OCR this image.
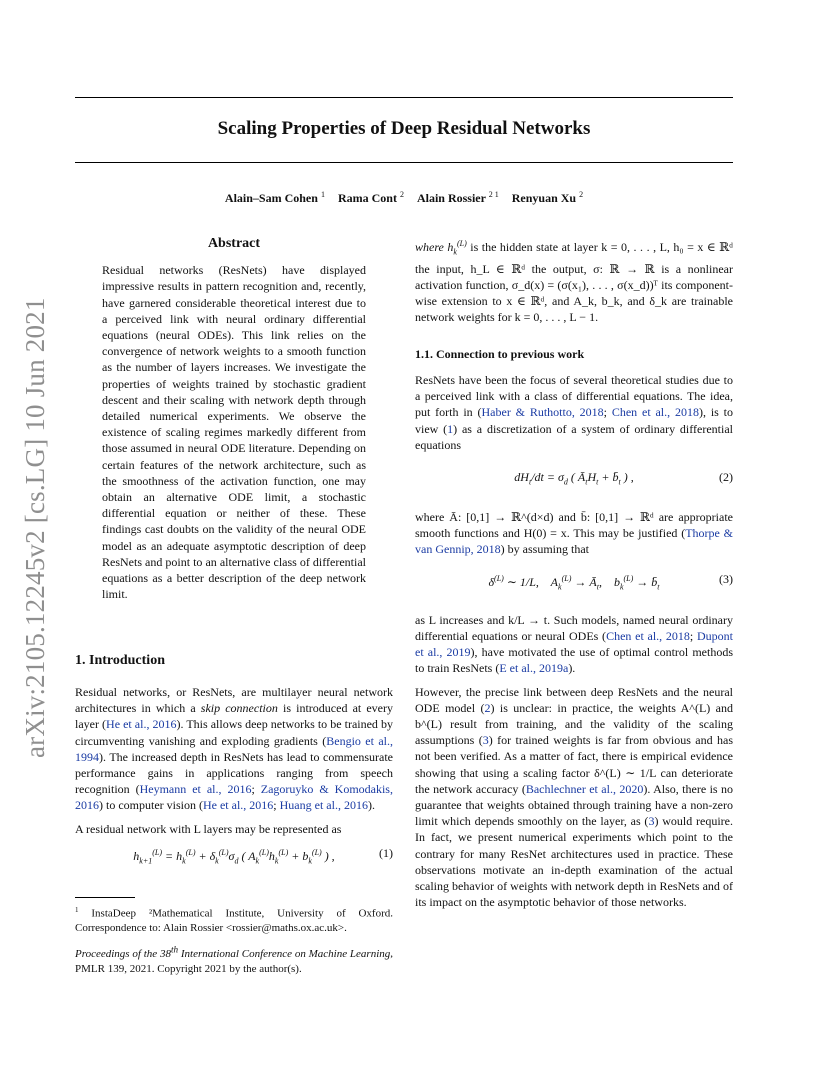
Scaling Properties of Deep Residual Networks
Alain–Sam Cohen $^1$ Rama Cont $^2$ Alain Rossier $^{2 1}$ Renyuan Xu $^2$
arXiv:2105.12245v2 [cs.LG] 10 Jun 2021
Abstract
Residual networks (ResNets) have displayed impressive results in pattern recognition and, recently, have garnered considerable theoretical interest due to a perceived link with neural ordinary differential equations (neural ODEs). This link relies on the convergence of network weights to a smooth function as the number of layers increases. We investigate the properties of weights trained by stochastic gradient descent and their scaling with network depth through detailed numerical experiments. We observe the existence of scaling regimes markedly different from those assumed in neural ODE literature. Depending on certain features of the network architecture, such as the smoothness of the activation function, one may obtain an alternative ODE limit, a stochastic differential equation or neither of these. These findings cast doubts on the validity of the neural ODE model as an adequate asymptotic description of deep ResNets and point to an alternative class of differential equations as a better description of the deep network limit.
1. Introduction

Residual networks, or ResNets, are multilayer neural network architectures in which a skip connection is introduced at every layer (He et al., 2016). This allows deep networks to be trained by circumventing vanishing and exploding gradients (Bengio et al., 1994). The increased depth in ResNets has lead to commensurate performance gains in applications ranging from speech recognition (Heymann et al., 2016; Zagoruyko & Komodakis, 2016) to computer vision (He et al., 2016; Huang et al., 2016).

A residual network with L layers may be represented as

$h_{k+1}^{(L)} = h_k^{(L)} + \delta_k^{(L)}\sigma_d$ ( $A_k^{(L)}h_k^{(L)} + b_k^{(L)}$ ) ,	(1)
$^1$ InstaDeep ²Mathematical Institute, University of Oxford. Correspondence to: Alain Rossier <rossier@maths.ox.ac.uk>.
Proceedings of the 38th International Conference on Machine Learning, PMLR 139, 2021. Copyright 2021 by the author(s).

where $h_k^{(L)}$ is the hidden state at layer k = 0, . . . , L, h₀ = x ∈ ℝᵈ the input, h_L ∈ ℝᵈ the output, σ: ℝ → ℝ is a nonlinear activation function, σ_d(x) = (σ(x₁), . . . , σ(x_d))ᵀ its component-wise extension to x ∈ ℝᵈ, and A_k, b_k, and δ_k are trainable network weights for k = 0, . . . , L − 1.

1.1. Connection to previous work

ResNets have been the focus of several theoretical studies due to a perceived link with a class of differential equations. The idea, put forth in (Haber & Ruthotto, 2018; Chen et al., 2018), is to view (1) as a discretization of a system of ordinary differential equations

$dH_t/dt = \sigma_d$ ( $Ā_tH_t$ + $b̄_t$ ) ,	(2)

where Ā: [0,1] → ℝ^(d×d) and b̄: [0,1] → ℝᵈ are appropriate smooth functions and H(0) = x. This may be justified (Thorpe & van Gennip, 2018) by assuming that

$\delta^{(L)}$ ∼ 1/L,    $A_k^{(L)}$ → $Ā_t$,    $b_k^{(L)}$ → $b̄_t$
(3)

as L increases and k/L → t. Such models, named neural ordinary differential equations or neural ODEs (Chen et al., 2018; Dupont et al., 2019), have motivated the use of optimal control methods to train ResNets (E et al., 2019a).

However, the precise link between deep ResNets and the neural ODE model (2) is unclear: in practice, the weights A^(L) and b^(L) result from training, and the validity of the scaling assumptions (3) for trained weights is far from obvious and has not been verified. As a matter of fact, there is empirical evidence showing that using a scaling factor δ^(L) ∼ 1/L can deteriorate the network accuracy (Bachlechner et al., 2020). Also, there is no guarantee that weights obtained through training have a non-zero limit which depends smoothly on the layer, as (3) would require. In fact, we present numerical experiments which point to the contrary for many ResNet architectures used in practice. These observations motivate an in-depth examination of the actual scaling behavior of weights with network depth in ResNets and of its impact on the asymptotic behavior of those networks.
